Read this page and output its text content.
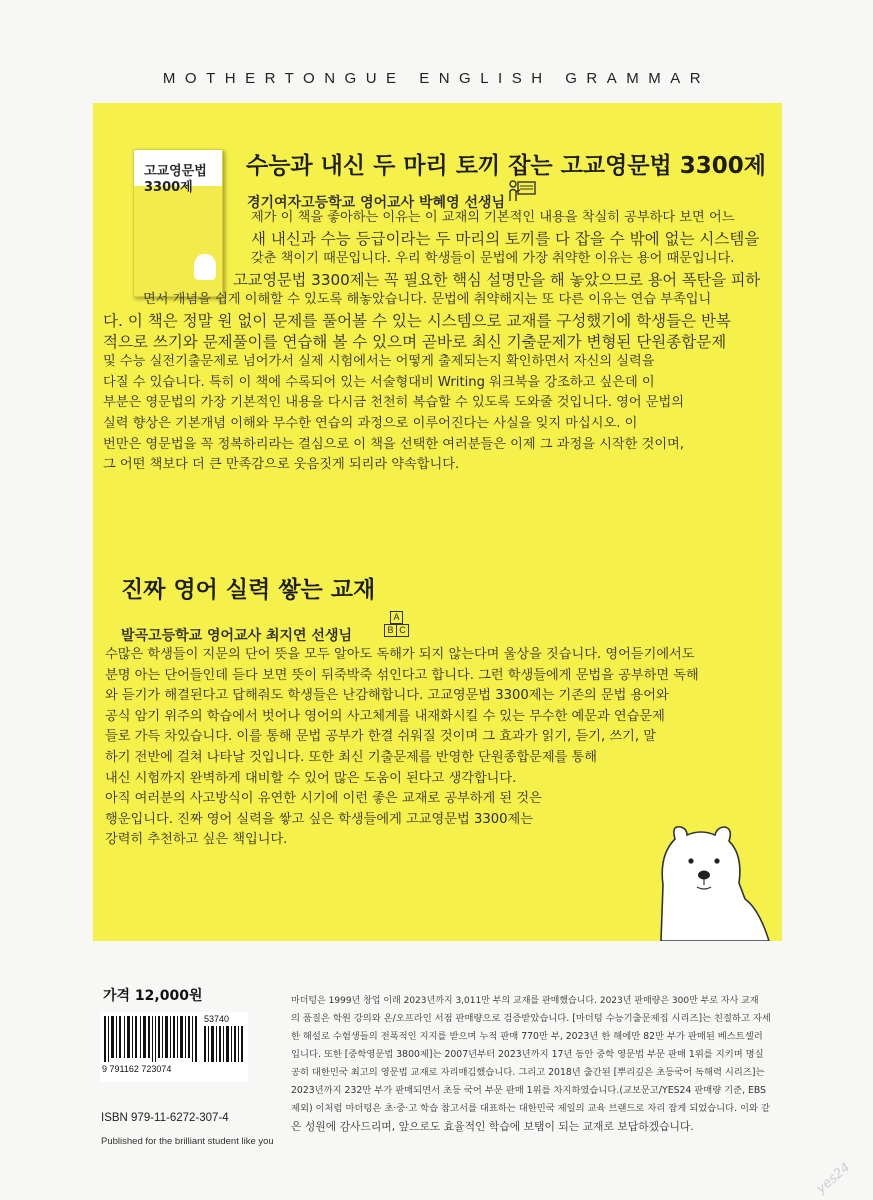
MOTHERTONGUE ENGLISH GRAMMAR
고교영문법
3300제
수능과 내신 두 마리 토끼 잡는 고교영문법 3300제
경기여자고등학교 영어교사 박혜영 선생님
제가 이 책을 좋아하는 이유는 이 교재의 기본적인 내용을 착실히 공부하다 보면 어느
새 내신과 수능 등급이라는 두 마리의 토끼를 다 잡을 수 밖에 없는 시스템을
갖춘 책이기 때문입니다. 우리 학생들이 문법에 가장 취약한 이유는 용어 때문입니다.
고교영문법 3300제는 꼭 필요한 핵심 설명만을 해 놓았으므로 용어 폭탄을 피하
면서 개념을 쉽게 이해할 수 있도록 해놓았습니다. 문법에 취약해지는 또 다른 이유는 연습 부족입니
다. 이 책은 정말 원 없이 문제를 풀어볼 수 있는 시스템으로 교재를 구성했기에 학생들은 반복
적으로 쓰기와 문제풀이를 연습해 볼 수 있으며 곧바로 최신 기출문제가 변형된 단원종합문제
및 수능 실전기출문제로 넘어가서 실제 시험에서는 어떻게 출제되는지 확인하면서 자신의 실력을
다질 수 있습니다. 특히 이 책에 수록되어 있는 서술형대비 Writing 워크북을 강조하고 싶은데 이
부분은 영문법의 가장 기본적인 내용을 다시금 천천히 복습할 수 있도록 도와줄 것입니다. 영어 문법의
실력 향상은 기본개념 이해와 무수한 연습의 과정으로 이루어진다는 사실을 잊지 마십시오. 이
번만은 영문법을 꼭 정복하리라는 결심으로 이 책을 선택한 여러분들은 이제 그 과정을 시작한 것이며,
그 어떤 책보다 더 큰 만족감으로 웃음짓게 되리라 약속합니다.
진짜 영어 실력 쌓는 교재
발곡고등학교 영어교사 최지연 선생님
A
B C
수많은 학생들이 지문의 단어 뜻을 모두 알아도 독해가 되지 않는다며 울상을 짓습니다. 영어듣기에서도
분명 아는 단어들인데 듣다 보면 뜻이 뒤죽박죽 섞인다고 합니다. 그런 학생들에게 문법을 공부하면 독해
와 듣기가 해결된다고 답해줘도 학생들은 난감해합니다. 고교영문법 3300제는 기존의 문법 용어와
공식 암기 위주의 학습에서 벗어나 영어의 사고체계를 내재화시킬 수 있는 무수한 예문과 연습문제
들로 가득 차있습니다. 이를 통해 문법 공부가 한결 쉬워질 것이며 그 효과가 읽기, 듣기, 쓰기, 말
하기 전반에 걸쳐 나타날 것입니다. 또한 최신 기출문제를 반영한 단원종합문제를 통해
내신 시험까지 완벽하게 대비할 수 있어 많은 도움이 된다고 생각합니다.
아직 여러분의 사고방식이 유연한 시기에 이런 좋은 교재로 공부하게 된 것은
행운입니다. 진짜 영어 실력을 쌓고 싶은 학생들에게 고교영문법 3300제는
강력히 추천하고 싶은 책입니다.
가격 12,000원
53740
9 791162 723074
ISBN 979-11-6272-307-4
Published for the brilliant student like you
마더텅은 1999년 창업 이래 2023년까지 3,011만 부의 교재를 판매했습니다. 2023년 판매량은 300만 부로 자사 교재
의 품질은 학원 강의와 온/오프라인 서점 판매량으로 검증받았습니다. [마더텅 수능기출문제집 시리즈]는 친절하고 자세
한 해설로 수험생들의 전폭적인 지지를 받으며 누적 판매 770만 부, 2023년 한 해에만 82만 부가 판매된 베스트셀러
입니다. 또한 [중학영문법 3800제]는 2007년부터 2023년까지 17년 동안 중학 영문법 부문 판매 1위를 지키며 명실
공히 대한민국 최고의 영문법 교재로 자리매김했습니다. 그리고 2018년 출간된 [뿌리깊은 초등국어 독해력 시리즈]는
2023년까지 232만 부가 판매되면서 초등 국어 부문 판매 1위를 차지하였습니다.(교보문고/YES24 판매량 기준, EBS
제외) 이처럼 마더텅은 초·중·고 학습 참고서를 대표하는 대한민국 제일의 교육 브랜드로 자리 잡게 되었습니다. 이와 같
은 성원에 감사드리며, 앞으로도 효율적인 학습에 보탬이 되는 교재로 보답하겠습니다.
yes24
